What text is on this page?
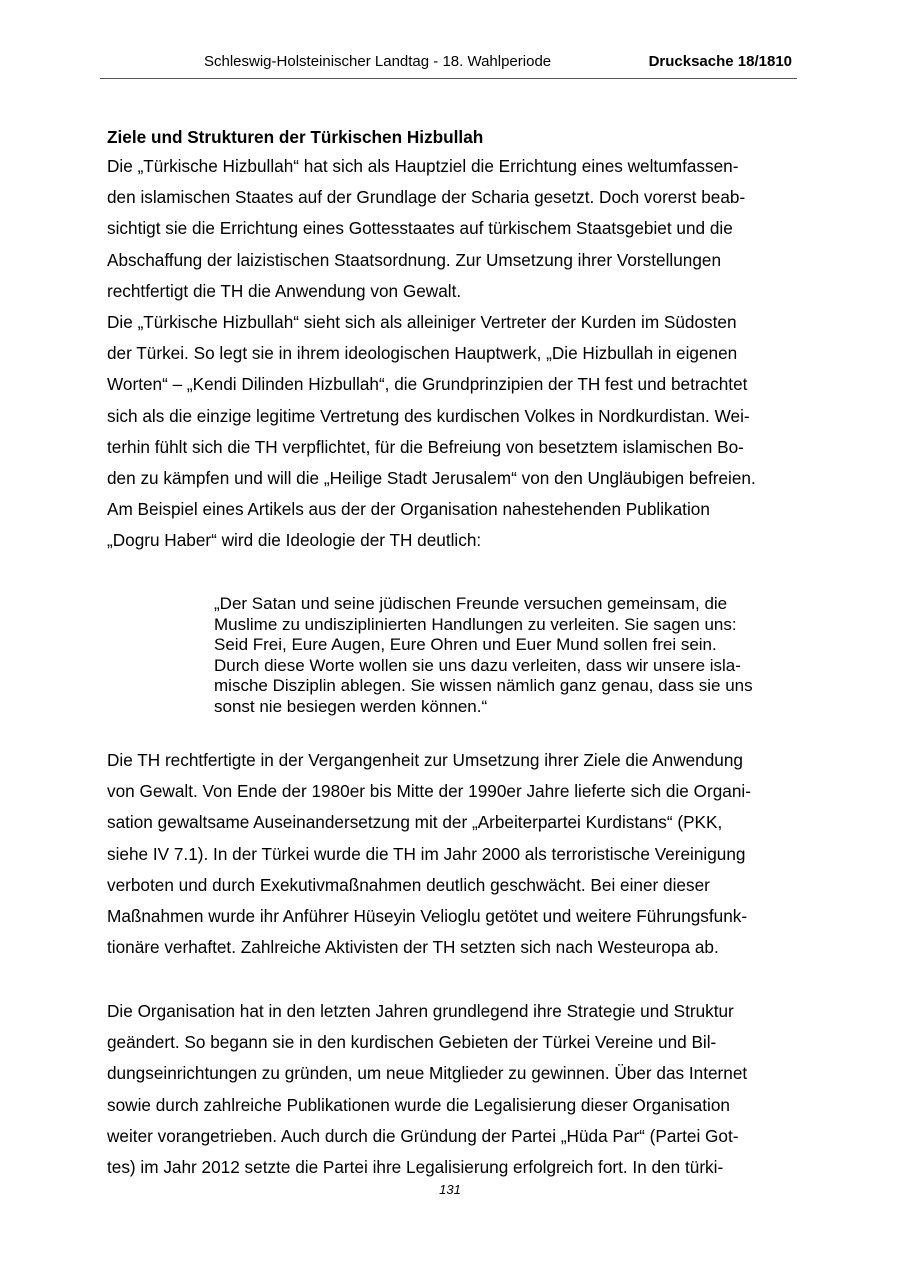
Schleswig-Holsteinischer Landtag - 18. Wahlperiode	Drucksache 18/1810
Ziele und Strukturen der Türkischen Hizbullah
Die „Türkische Hizbullah“ hat sich als Hauptziel die Errichtung eines weltumfassen-
den islamischen Staates auf der Grundlage der Scharia gesetzt. Doch vorerst beab-
sichtigt sie die Errichtung eines Gottesstaates auf türkischem Staatsgebiet und die
Abschaffung der laizistischen Staatsordnung. Zur Umsetzung ihrer Vorstellungen
rechtfertigt die TH die Anwendung von Gewalt.
Die „Türkische Hizbullah“ sieht sich als alleiniger Vertreter der Kurden im Südosten
der Türkei. So legt sie in ihrem ideologischen Hauptwerk, „Die Hizbullah in eigenen
Worten“ – „Kendi Dilinden Hizbullah“, die Grundprinzipien der TH fest und betrachtet
sich als die einzige legitime Vertretung des kurdischen Volkes in Nordkurdistan. Wei-
terhin fühlt sich die TH verpflichtet, für die Befreiung von besetztem islamischen Bo-
den zu kämpfen und will die „Heilige Stadt Jerusalem“ von den Ungläubigen befreien.
Am Beispiel eines Artikels aus der der Organisation nahestehenden Publikation
„Dogru Haber“ wird die Ideologie der TH deutlich:
„Der Satan und seine jüdischen Freunde versuchen gemeinsam, die
Muslime zu undisziplinierten Handlungen zu verleiten. Sie sagen uns:
Seid Frei, Eure Augen, Eure Ohren und Euer Mund sollen frei sein.
Durch diese Worte wollen sie uns dazu verleiten, dass wir unsere isla-
mische Disziplin ablegen. Sie wissen nämlich ganz genau, dass sie uns
sonst nie besiegen werden können.“
Die TH rechtfertigte in der Vergangenheit zur Umsetzung ihrer Ziele die Anwendung
von Gewalt. Von Ende der 1980er bis Mitte der 1990er Jahre lieferte sich die Organi-
sation gewaltsame Auseinandersetzung mit der „Arbeiterpartei Kurdistans“ (PKK,
siehe IV 7.1). In der Türkei wurde die TH im Jahr 2000 als terroristische Vereinigung
verboten und durch Exekutivmaßnahmen deutlich geschwächt. Bei einer dieser
Maßnahmen wurde ihr Anführer Hüseyin Velioglu getötet und weitere Führungsfunk-
tionäre verhaftet. Zahlreiche Aktivisten der TH setzten sich nach Westeuropa ab.
Die Organisation hat in den letzten Jahren grundlegend ihre Strategie und Struktur
geändert. So begann sie in den kurdischen Gebieten der Türkei Vereine und Bil-
dungseinrichtungen zu gründen, um neue Mitglieder zu gewinnen. Über das Internet
sowie durch zahlreiche Publikationen wurde die Legalisierung dieser Organisation
weiter vorangetrieben. Auch durch die Gründung der Partei „Hüda Par“ (Partei Got-
tes) im Jahr 2012 setzte die Partei ihre Legalisierung erfolgreich fort. In den türki-
131
